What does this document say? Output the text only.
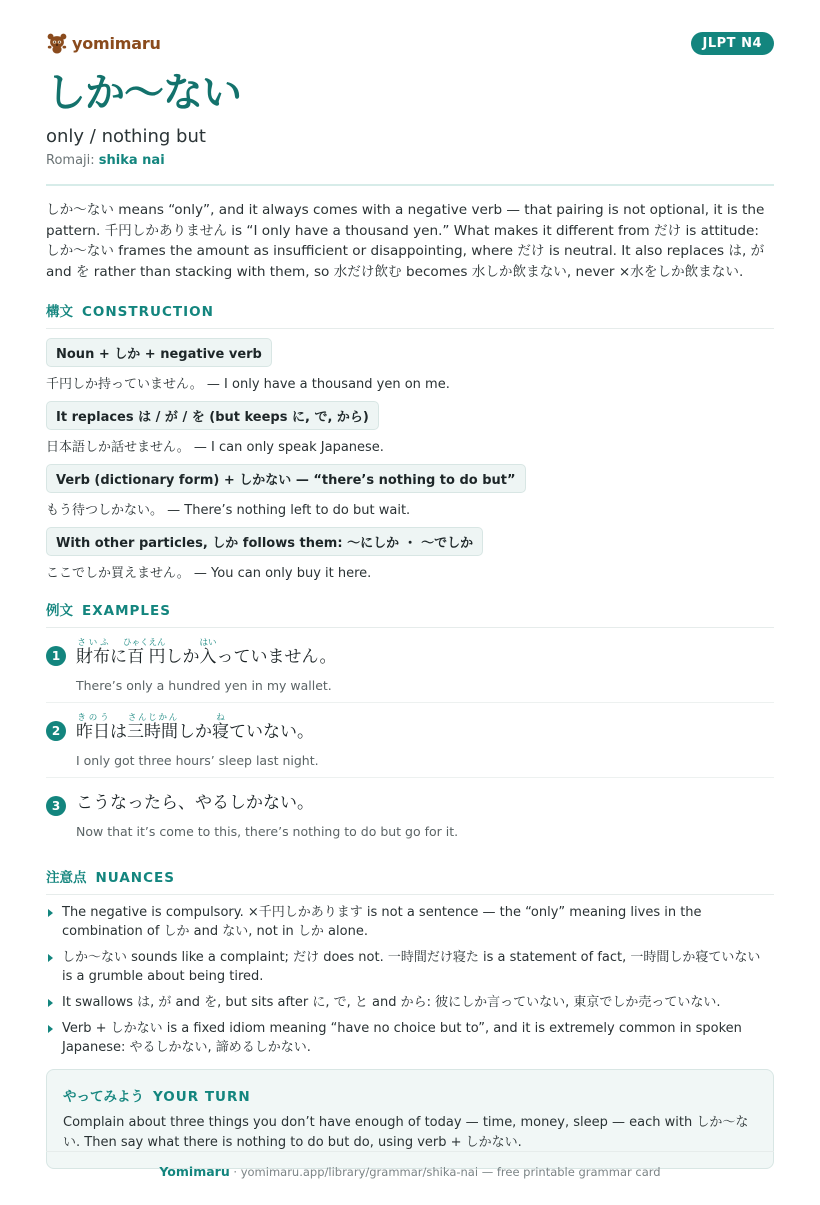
yomimaru	JLPT N4
しか〜ない
only / nothing but
Romaji: shika nai

しか〜ない means “only”, and it always comes with a negative verb — that pairing is not optional, it is the pattern. 千円しかありません is “I only have a thousand yen.” What makes it different from だけ is attitude: しか〜ない frames the amount as insufficient or disappointing, where だけ is neutral. It also replaces は, が and を rather than stacking with them, so 水だけ飲む becomes 水しか飲まない, never ×水をしか飲まない.

構文 CONSTRUCTION
Noun + しか + negative verb
千円しか持っていません。 — I only have a thousand yen on me.
It replaces は / が / を (but keeps に, で, から)
日本語しか話せません。 — I can only speak Japanese.
Verb (dictionary form) + しかない — “there’s nothing to do but”
もう待つしかない。 — There’s nothing left to do but wait.
With other particles, しか follows them: 〜にしか ・ 〜でしか
ここでしか買えません。 — You can only buy it here.
例文 EXAMPLES
1 財布さいふに百ひゃく円えんしか入はいっていません。
There’s only a hundred yen in my wallet.
2 昨日きのうは三時間さんじかんしか寝ねていない。
I only got three hours’ sleep last night.
3 こうなったら、やるしかない。
Now that it’s come to this, there’s nothing to do but go for it.
注意点 NUANCES
The negative is compulsory. ×千円しかあります is not a sentence — the “only” meaning lives in the combination of しか and ない, not in しか alone.
しか〜ない sounds like a complaint; だけ does not. 一時間だけ寝た is a statement of fact, 一時間しか寝ていない is a grumble about being tired.
It swallows は, が and を, but sits after に, で, と and から: 彼にしか言っていない, 東京でしか売っていない.
Verb + しかない is a fixed idiom meaning “have no choice but to”, and it is extremely common in spoken Japanese: やるしかない, 諦めるしかない.
やってみよう YOUR TURN
Complain about three things you don’t have enough of today — time, money, sleep — each with しか〜ない. Then say what there is nothing to do but do, using verb + しかない.
Yomimaru · yomimaru.app/library/grammar/shika-nai — free printable grammar card
